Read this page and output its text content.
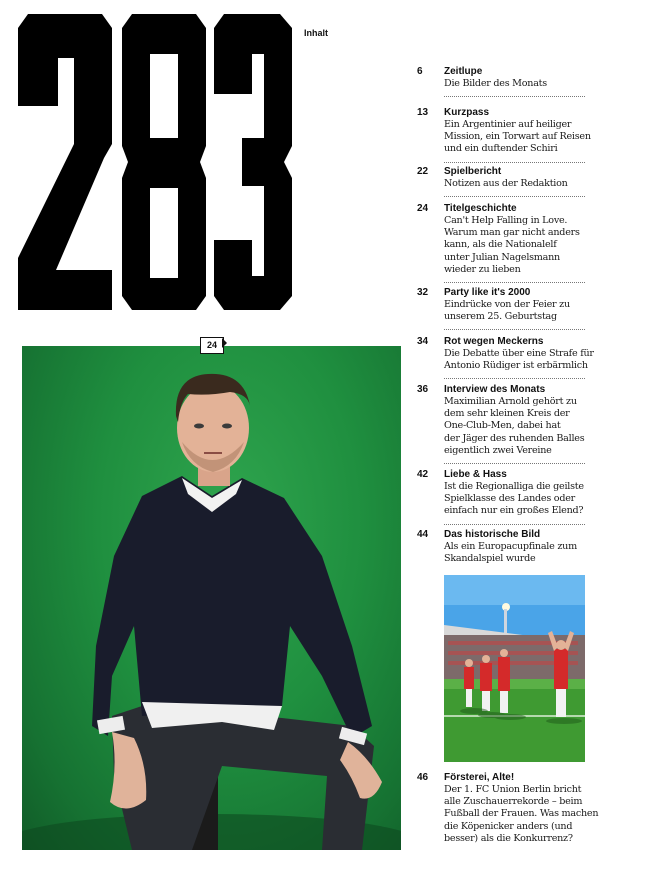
Inhalt
6	Zeitlupe
Die Bilder des Monats
13	Kurzpass
Ein Argentinier auf heiliger
Mission, ein Torwart auf Reisen
und ein duftender Schiri
22	Spielbericht
Notizen aus der Redaktion
24	Titelgeschichte
Can't Help Falling in Love.
Warum man gar nicht anders
kann, als die Nationalelf
unter Julian Nagelsmann
wieder zu lieben
32	Party like it's 2000
Eindrücke von der Feier zu
unserem 25. Geburtstag
34	Rot wegen Meckerns
Die Debatte über eine Strafe für
Antonio Rüdiger ist erbärmlich
36	Interview des Monats
Maximilian Arnold gehört zu
dem sehr kleinen Kreis der
One-Club-Men, dabei hat
der Jäger des ruhenden Balles
eigentlich zwei Vereine
42	Liebe & Hass
Ist die Regionalliga die geilste
Spielklasse des Landes oder
einfach nur ein großes Elend?
44	Das historische Bild
Als ein Europacupfinale zum
Skandalspiel wurde
46	Försterei, Alte!
Der 1. FC Union Berlin bricht
alle Zuschauerrekorde – beim
Fußball der Frauen. Was machen
die Köpenicker anders (und
besser) als die Konkurrenz?
24
